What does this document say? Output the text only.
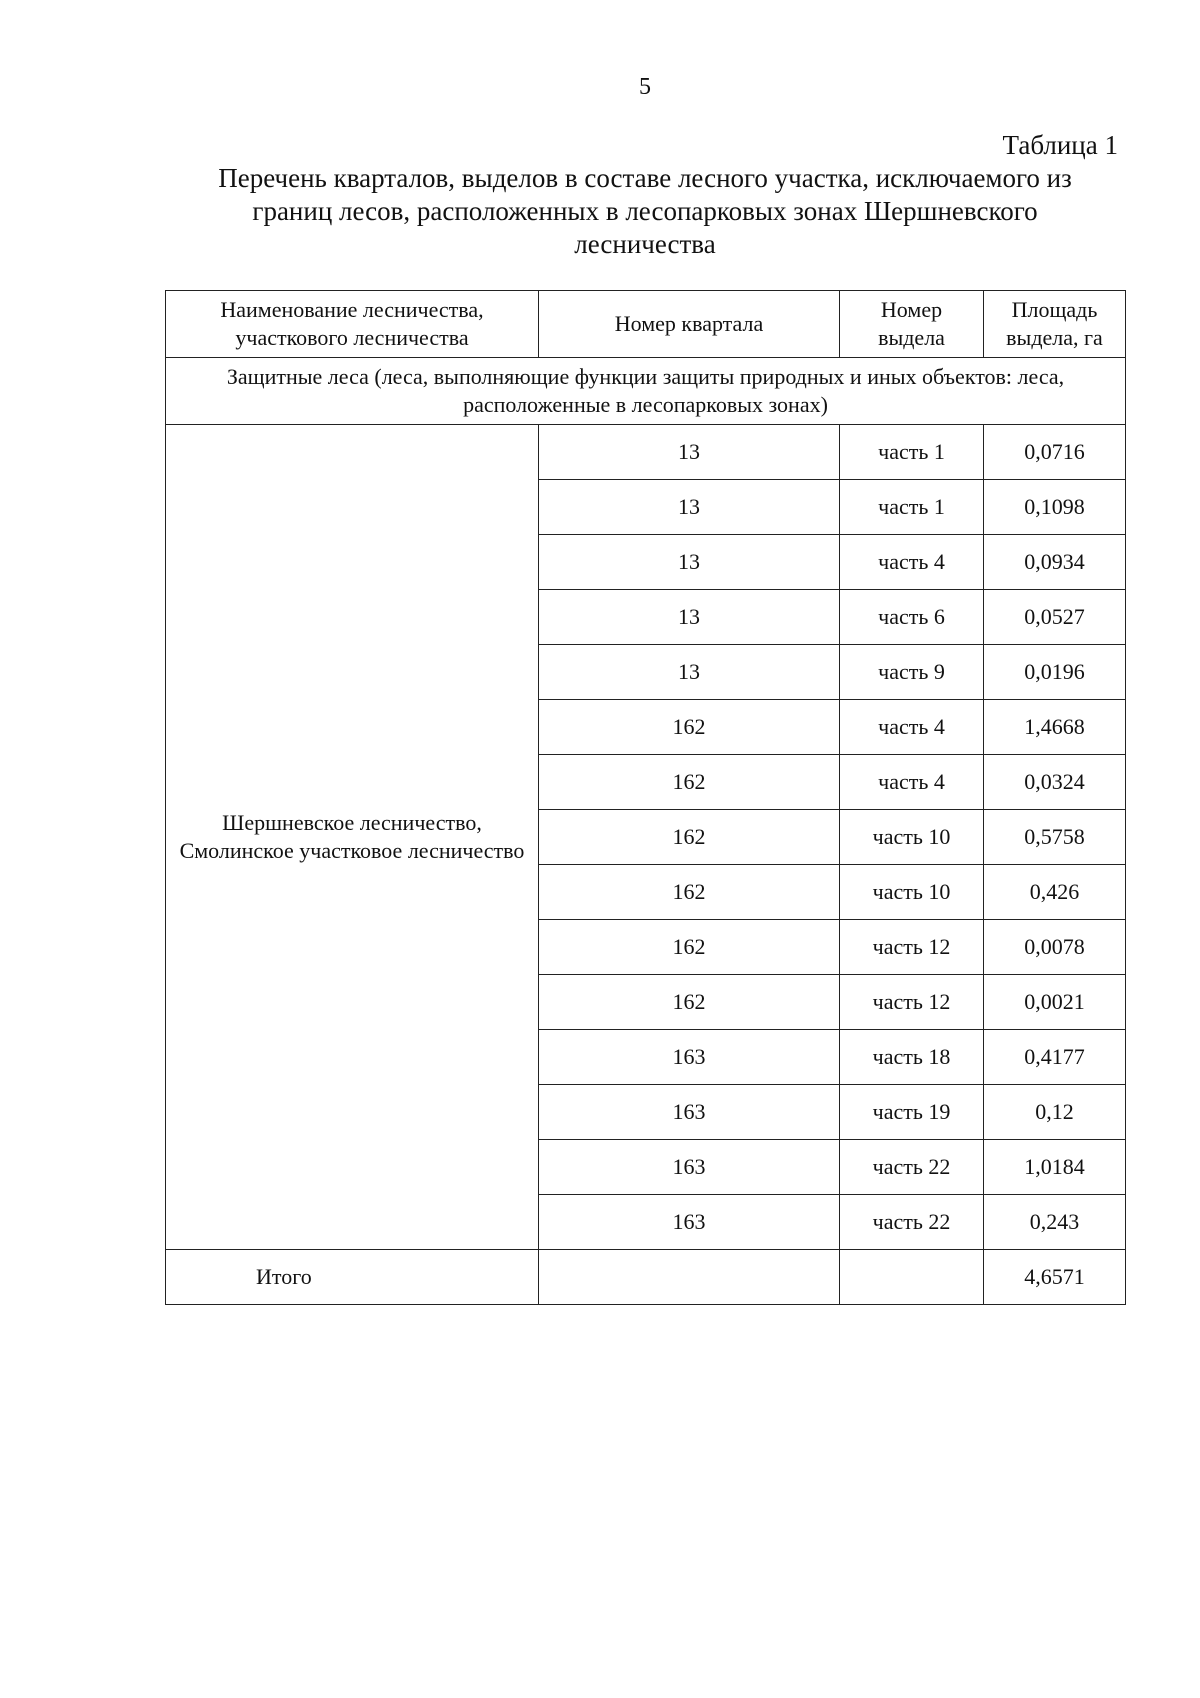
5
Таблица 1
Перечень кварталов, выделов в составе лесного участка, исключаемого из границ лесов, расположенных в лесопарковых зонах Шершневского лесничества
Наименование лесничества, участкового лесничества	Номер квартала	Номер выдела	Площадь выдела, га
Защитные леса (леса, выполняющие функции защиты природных и иных объектов: леса, расположенные в лесопарковых зонах)			
Шершневское лесничество, Смолинское участковое лесничество	13	часть 1	0,0716
	13	часть 1	0,1098
	13	часть 4	0,0934
	13	часть 6	0,0527
	13	часть 9	0,0196
	162	часть 4	1,4668
	162	часть 4	0,0324
	162	часть 10	0,5758
	162	часть 10	0,426
	162	часть 12	0,0078
	162	часть 12	0,0021
	163	часть 18	0,4177
	163	часть 19	0,12
	163	часть 22	1,0184
	163	часть 22	0,243
Итого			4,6571
